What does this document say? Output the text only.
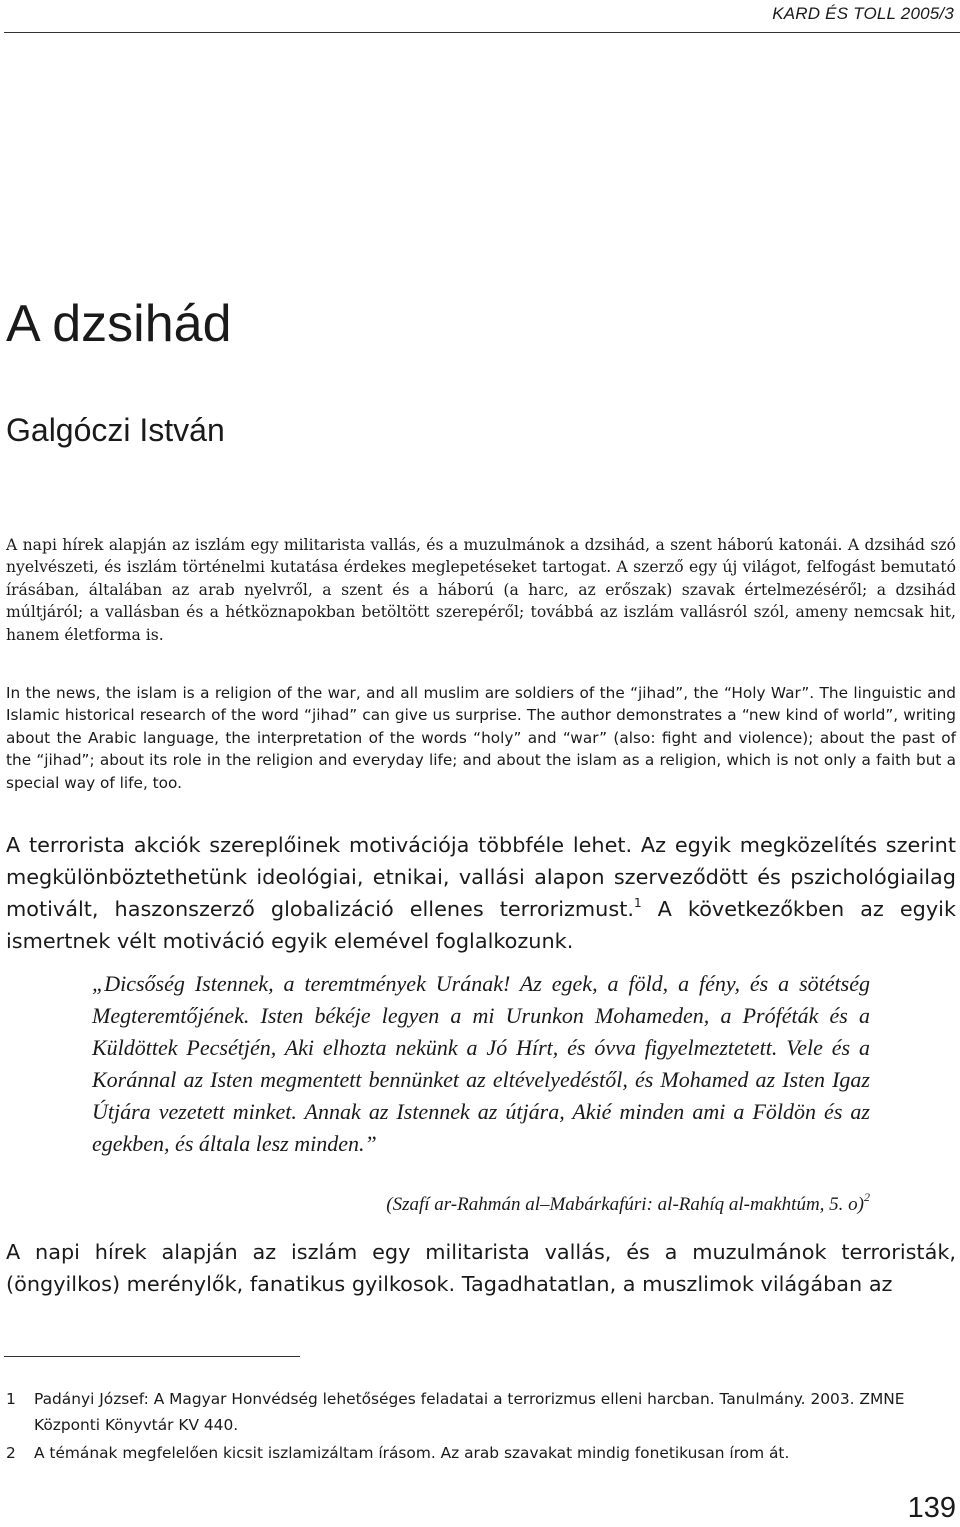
KARD ÉS TOLL 2005/3
A dzsihád
Galgóczi István

A napi hírek alapján az iszlám egy militarista vallás, és a muzulmánok a dzsihád, a szent háború katonái. A dzsihád szó nyelvészeti, és iszlám történelmi kutatása érdekes meglepetéseket tartogat. A szerző egy új világot, felfogást bemutató írásában, általában az arab nyelvről, a szent és a háború (a harc, az erőszak) szavak értelmezéséről; a dzsihád múltjáról; a vallásban és a hétköznapokban betöltött szerepéről; továbbá az iszlám vallásról szól, ameny nemcsak hit, hanem életforma is.

In the news, the islam is a religion of the war, and all muslim are soldiers of the “jihad”, the “Holy War”. The linguistic and Islamic historical research of the word “jihad” can give us surprise. The author demonstrates a “new kind of world”, writing about the Arabic language, the interpretation of the words “holy” and “war” (also: fight and violence); about the past of the “jihad”; about its role in the religion and everyday life; and about the islam as a religion, which is not only a faith but a special way of life, too.

A terrorista akciók szereplőinek motivációja többféle lehet. Az egyik megközelítés szerint megkülönböztethetünk ideológiai, etnikai, vallási alapon szerveződött és pszichológiailag motivált, haszonszerző globalizáció ellenes terrorizmust.$^1$ A következőkben az egyik ismertnek vélt motiváció egyik elemével foglalkozunk.

„Dicsőség Istennek, a teremtmények Urának! Az egek, a föld, a fény, és a sötétség Megteremtőjének. Isten békéje legyen a mi Urunkon Mohameden, a Próféták és a Küldöttek Pecsétjén, Aki elhozta nekünk a Jó Hírt, és óvva figyelmeztetett. Vele és a Koránnal az Isten megmentett bennünket az eltévelyedéstől, és Mohamed az Isten Igaz Útjára vezetett minket. Annak az Istennek az útjára, Akié minden ami a Földön és az egekben, és általa lesz minden.”

(Szafí ar-Rahmán al–Mabárkafúri: al-Rahíq al-makhtúm, 5. o)$^2$

A napi hírek alapján az iszlám egy militarista vallás, és a muzulmánok terroristák, (öngyilkos) merénylők, fanatikus gyilkosok. Tagadhatatlan, a muszlimok világában az

1 Padányi József: A Magyar Honvédség lehetőséges feladatai a terrorizmus elleni harcban. Tanulmány. 2003. ZMNE Központi Könyvtár KV 440.
2 A témának megfelelően kicsit iszlamizáltam írásom. Az arab szavakat mindig fonetikusan írom át.
139
